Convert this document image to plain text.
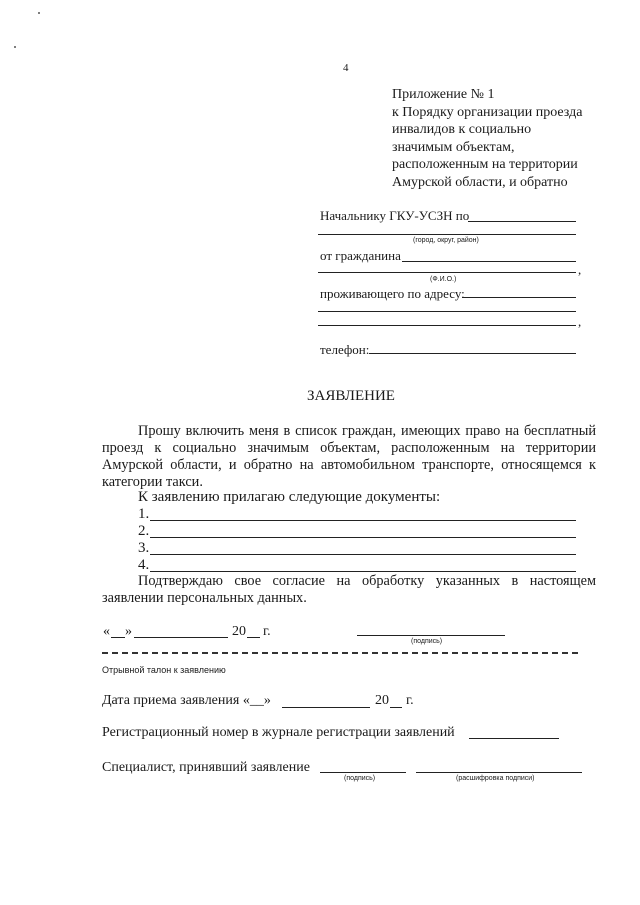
4
Приложение № 1
к Порядку организации проезда
инвалидов к социально
значимым объектам,
расположенным на территории
Амурской области, и обратно
Начальнику ГКУ-УСЗН по
(город, округ, район)
от гражданина
,
(Ф.И.О.)
проживающего по адресу:
,
телефон:
ЗАЯВЛЕНИЕ
Прошу включить меня в список граждан, имеющих право на бесплатный проезд к социально значимым объектам, расположенным на территории Амурской области, и обратно на автомобильном транспорте, относящемся к категории такси.
К заявлению прилагаю следующие документы:
1.
2.
3.
4.
Подтверждаю свое согласие на обработку указанных в настоящем заявлении персональных данных.
« »	20 г.
(подпись)
Отрывной талон к заявлению
Дата приема заявления «__»	20 г.
Регистрационный номер в журнале регистрации заявлений
Специалист, принявший заявление
(подпись)	(расшифровка подписи)
